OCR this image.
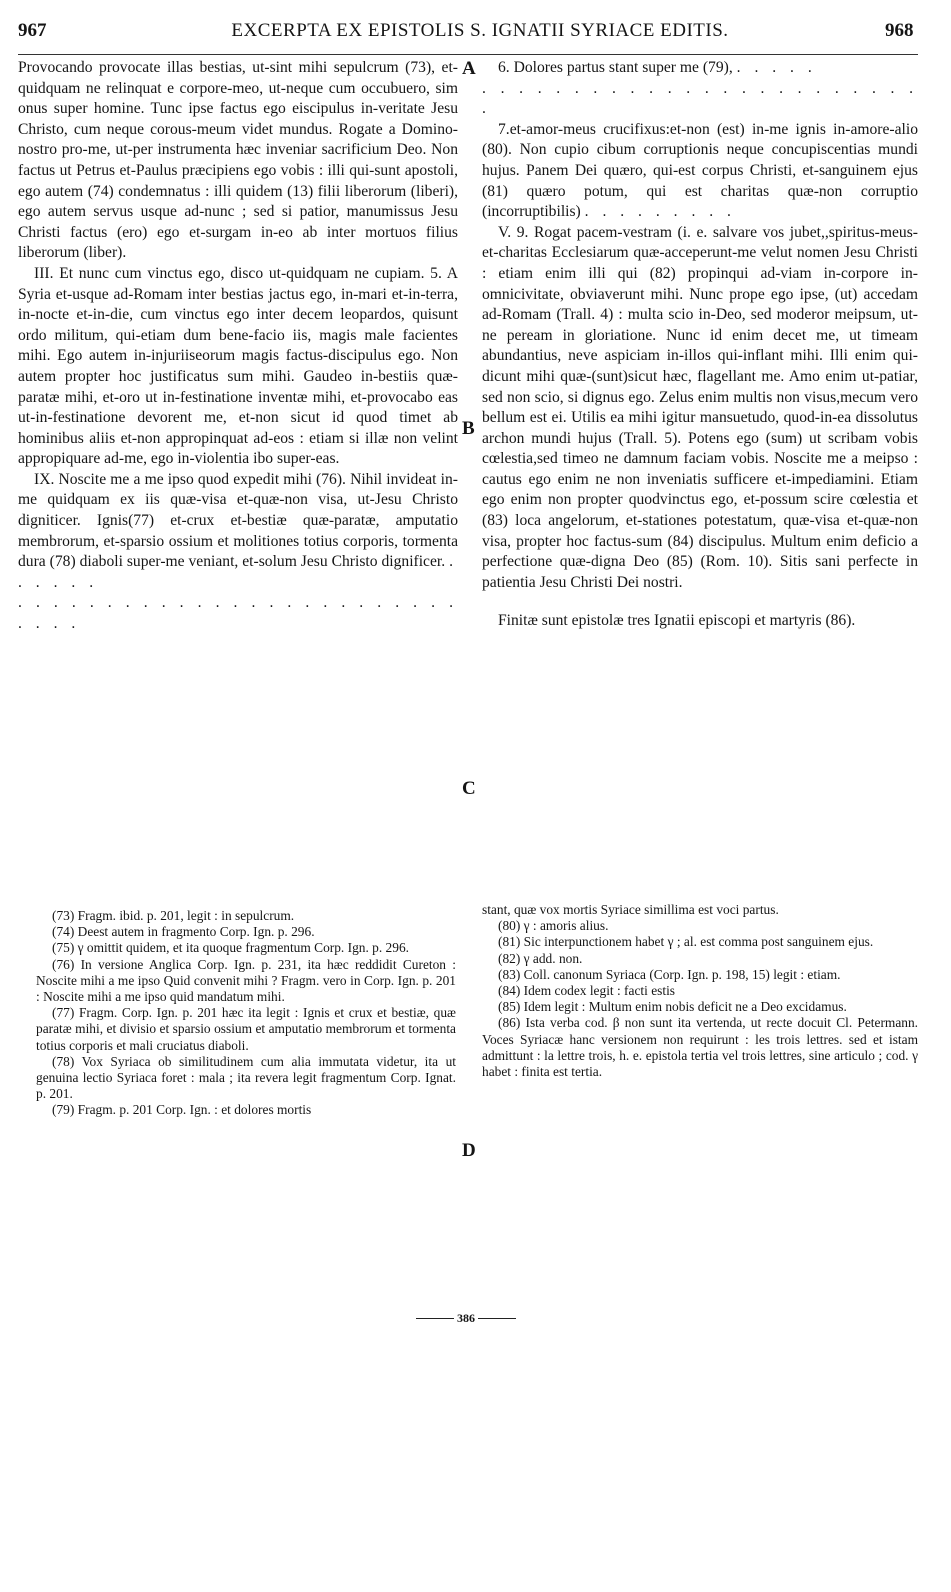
967	EXCERPTA EX EPISTOLIS S. IGNATII SYRIACE EDITIS.	968

Provocando provocate illas bestias, ut-sint mihi sepulcrum (73), et-quidquam ne relinquat e corpore-meo, ut-neque cum occubuero, sim onus super homine. Tunc ipse factus ego eiscipulus in-veritate Jesu Christo, cum neque corous-meum videt mundus. Rogate a Domino-nostro pro-me, ut-per instrumenta hæc inveniar sacrificium Deo. Non factus ut Petrus et-Paulus præcipiens ego vobis : illi qui-sunt apostoli, ego autem (74) condemnatus : illi quidem (13) filii liberorum (liberi), ego autem servus usque ad-nunc ; sed si patior, manumissus Jesu Christi factus (ero) ego et-surgam in-eo ab inter mortuos filius liberorum (liber).

III. Et nunc cum vinctus ego, disco ut-quidquam ne cupiam. 5. A Syria et-usque ad-Romam inter bestias jactus ego, in-mari et-in-terra, in-nocte et-in-die, cum vinctus ego inter decem leopardos, quisunt ordo militum, qui-etiam dum bene-facio iis, magis male facientes mihi. Ego autem in-injuriiseorum magis factus-discipulus ego. Non autem propter hoc justificatus sum mihi. Gaudeo in-bestiis quæ-paratæ mihi, et-oro ut in-festinatione inventæ mihi, et-provocabo eas ut-in-festinatione devorent me, et-non sicut id quod timet ab hominibus aliis et-non appropinquat ad-eos : etiam si illæ non velint appropiquare ad-me, ego in-violentia ibo super-eas.

IX. Noscite me a me ipso quod expedit mihi (76). Nihil invideat in-me quidquam ex iis quæ-visa et-quæ-non visa, ut-Jesu Christo digniticer. Ignis(77) et-crux et-bestiæ quæ-paratæ, amputatio membrorum, et-sparsio ossium et molitiones totius corporis, tormenta dura (78) diaboli super-me veniant, et-solum Jesu Christo dignificer. . . . . . .

. . . . . . . . . . . . . . . . . . . . . . . . . . . . .

A
B
C
D

6. Dolores partus stant super me (79), . . . . .

. . . . . . . . . . . . . . . . . . . . . . . . .

7.et-amor-meus crucifixus:et-non (est) in-me ignis in-amore-alio (80). Non cupio cibum corruptionis neque concupiscentias mundi hujus. Panem Dei quæro, qui-est corpus Christi, et-sanguinem ejus (81) quæro potum, qui est charitas quæ-non corruptio (incorruptibilis) . . . . . . . . .

V. 9. Rogat pacem-vestram (i. e. salvare vos jubet,,spiritus-meus-et-charitas Ecclesiarum quæ-acceperunt-me velut nomen Jesu Christi : etiam enim illi qui (82) propinqui ad-viam in-corpore in-omnicivitate, obviaverunt mihi. Nunc prope ego ipse, (ut) accedam ad-Romam (Trall. 4) : multa scio in-Deo, sed moderor meipsum, ut-ne peream in gloriatione. Nunc id enim decet me, ut timeam abundantius, neve aspiciam in-illos qui-inflant mihi. Illi enim qui-dicunt mihi quæ-(sunt)sicut hæc, flagellant me. Amo enim ut-patiar, sed non scio, si dignus ego. Zelus enim multis non visus,mecum vero bellum est ei. Utilis ea mihi igitur mansuetudo, quod-in-ea dissolutus archon mundi hujus (Trall. 5). Potens ego (sum) ut scribam vobis cœlestia,sed timeo ne damnum faciam vobis. Noscite me a meipso : cautus ego enim ne non inveniatis sufficere et-impediamini. Etiam ego enim non propter quodvinctus ego, et-possum scire cœlestia et (83) loca angelorum, et-stationes potestatum, quæ-visa et-quæ-non visa, propter hoc factus-sum (84) discipulus. Multum enim deficio a perfectione quæ-digna Deo (85) (Rom. 10). Sitis sani perfecte in patientia Jesu Christi Dei nostri.

Finitæ sunt epistolæ tres Ignatii episcopi et martyris (86).

(73) Fragm. ibid. p. 201, legit : in sepulcrum.

(74) Deest autem in fragmento Corp. Ign. p. 296.

(75) γ omittit quidem, et ita quoque fragmentum Corp. Ign. p. 296.

(76) In versione Anglica Corp. Ign. p. 231, ita hæc reddidit Cureton : Noscite mihi a me ipso Quid convenit mihi ? Fragm. vero in Corp. Ign. p. 201 : Noscite mihi a me ipso quid mandatum mihi.

(77) Fragm. Corp. Ign. p. 201 hæc ita legit : Ignis et crux et bestiæ, quæ paratæ mihi, et divisio et sparsio ossium et amputatio membrorum et tormenta totius corporis et mali cruciatus diaboli.

(78) Vox Syriaca ob similitudinem cum alia immutata videtur, ita ut genuina lectio Syriaca foret : mala ; ita revera legit fragmentum Corp. Ignat. p. 201.

(79) Fragm. p. 201 Corp. Ign. : et dolores mortis

stant, quæ vox mortis Syriace simillima est voci partus.

(80) γ : amoris alius.

(81) Sic interpunctionem habet γ ; al. est comma post sanguinem ejus.

(82) γ add. non.

(83) Coll. canonum Syriaca (Corp. Ign. p. 198, 15) legit : etiam.

(84) Idem codex legit : facti estis

(85) Idem legit : Multum enim nobis deficit ne a Deo excidamus.

(86) Ista verba cod. β non sunt ita vertenda, ut recte docuit Cl. Petermann. Voces Syriacæ hanc versionem non requirunt : les trois lettres. sed et istam admittunt : la lettre trois, h. e. epistola tertia vel trois lettres, sine articulo ; cod. γ habet : finita est tertia.

386
